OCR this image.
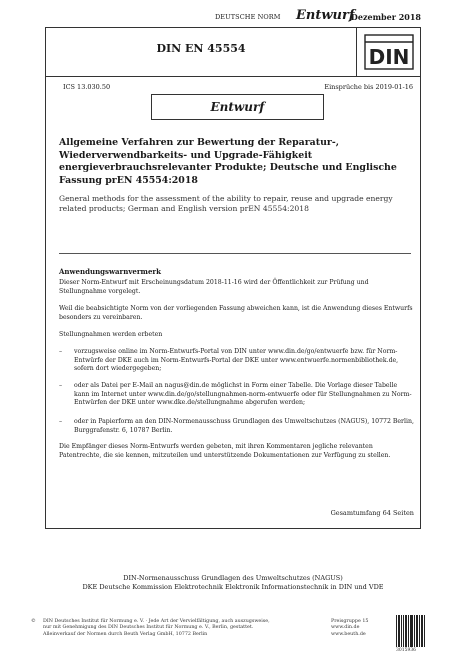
DEUTSCHE NORM Entwurf
Dezember 2018
DIN EN 45554	DIN
ICS 13.030.50	Einsprüche bis 2019-01-16
Entwurf
Allgemeine Verfahren zur Bewertung der Reparatur-, Wiederverwendbarkeits- und Upgrade-Fähigkeit energieverbrauchsrelevanter Produkte; Deutsche und Englische Fassung prEN 45554:2018
General methods for the assessment of the ability to repair, reuse and upgrade energy related products; German and English version prEN 45554:2018
Anwendungswarnvermerk
Dieser Norm-Entwurf mit Erscheinungsdatum 2018-11-16 wird der Öffentlichkeit zur Prüfung und Stellungnahme vorgelegt.
Weil die beabsichtigte Norm von der vorliegenden Fassung abweichen kann, ist die Anwendung dieses Entwurfs besonders zu vereinbaren.
Stellungnahmen werden erbeten
– vorzugsweise online im Norm-Entwurfs-Portal von DIN unter www.din.de/go/entwuerfe bzw. für Norm-Entwürfe der DKE auch im Norm-Entwurfs-Portal der DKE unter www.entwuerfe.normenbibliothek.de, sofern dort wiedergegeben;
– oder als Datei per E-Mail an nagus@din.de möglichst in Form einer Tabelle. Die Vorlage dieser Tabelle kann im Internet unter www.din.de/go/stellungnahmen-norm-entwuerfe oder für Stellungnahmen zu Norm-Entwürfen der DKE unter www.dke.de/stellungnahme abgerufen werden;
– oder in Papierform an den DIN-Normenausschuss Grundlagen des Umweltschutzes (NAGUS), 10772 Berlin, Burggrafenstr. 6, 10787 Berlin.
Die Empfänger dieses Norm-Entwurfs werden gebeten, mit ihren Kommentaren jegliche relevanten Patentrechte, die sie kennen, mitzuteilen und unterstützende Dokumentationen zur Verfügung zu stellen.
Gesamtumfang 64 Seiten
DIN-Normenausschuss Grundlagen des Umweltschutzes (NAGUS)
DKE Deutsche Kommission Elektrotechnik Elektronik Informationstechnik in DIN und VDE
© DIN Deutsches Institut für Normung e. V. · Jede Art der Vervielfältigung, auch auszugsweise,
nur mit Genehmigung des DIN Deutsches Institut für Normung e. V., Berlin, gestattet.
Alleinverkauf der Normen durch Beuth Verlag GmbH, 10772 Berlin
Preisgruppe 15
www.din.de
www.beuth.de
3015936
